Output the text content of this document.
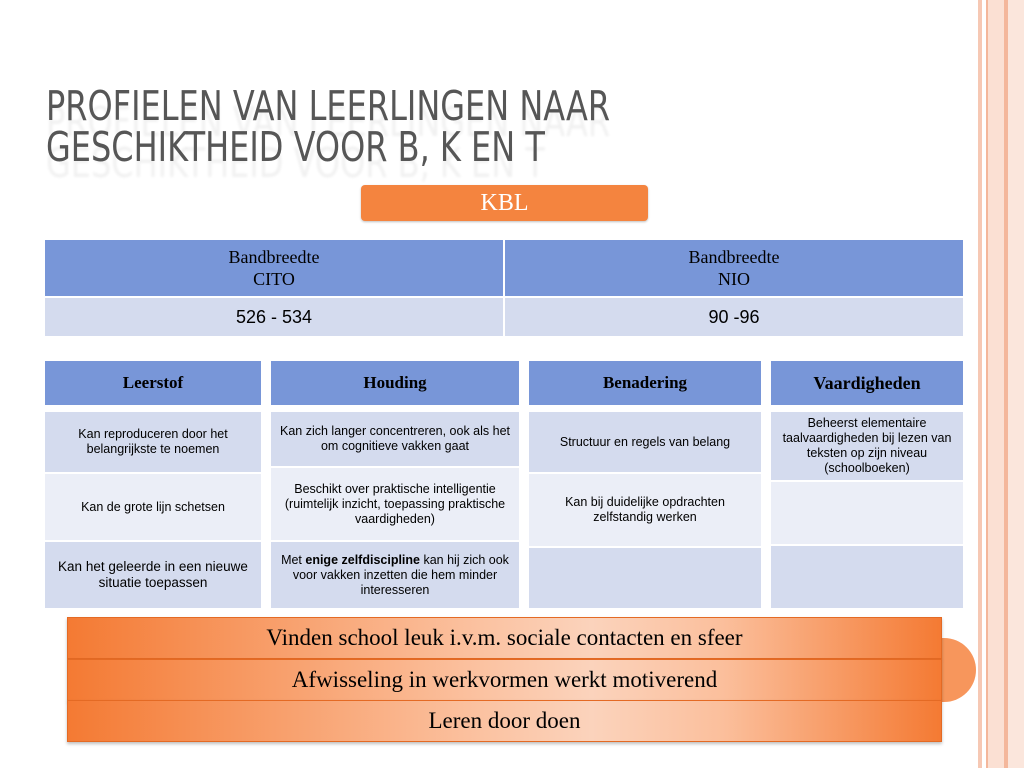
PROFIELEN VAN LEERLINGEN NAAR
GESCHIKTHEID VOOR B, K EN T
KBL
Bandbreedte
CITO
Bandbreedte
NIO
526 - 534	90 -96
Leerstof
Kan reproduceren door het belangrijkste te noemen
Kan de grote lijn schetsen
Kan het geleerde in een nieuwe situatie toepassen
Houding
Kan zich langer concentreren, ook als het om cognitieve vakken gaat
Beschikt over praktische intelligentie (ruimtelijk inzicht, toepassing praktische vaardigheden)
Met enige zelfdiscipline kan hij zich ook voor vakken inzetten die hem minder interesseren
Benadering
Structuur en regels van belang
Kan bij duidelijke opdrachten zelfstandig werken
Vaardigheden
Beheerst elementaire taalvaardigheden bij lezen van teksten op zijn niveau (schoolboeken)
Vinden school leuk i.v.m. sociale contacten en sfeer
Afwisseling in werkvormen werkt motiverend
Leren door doen
